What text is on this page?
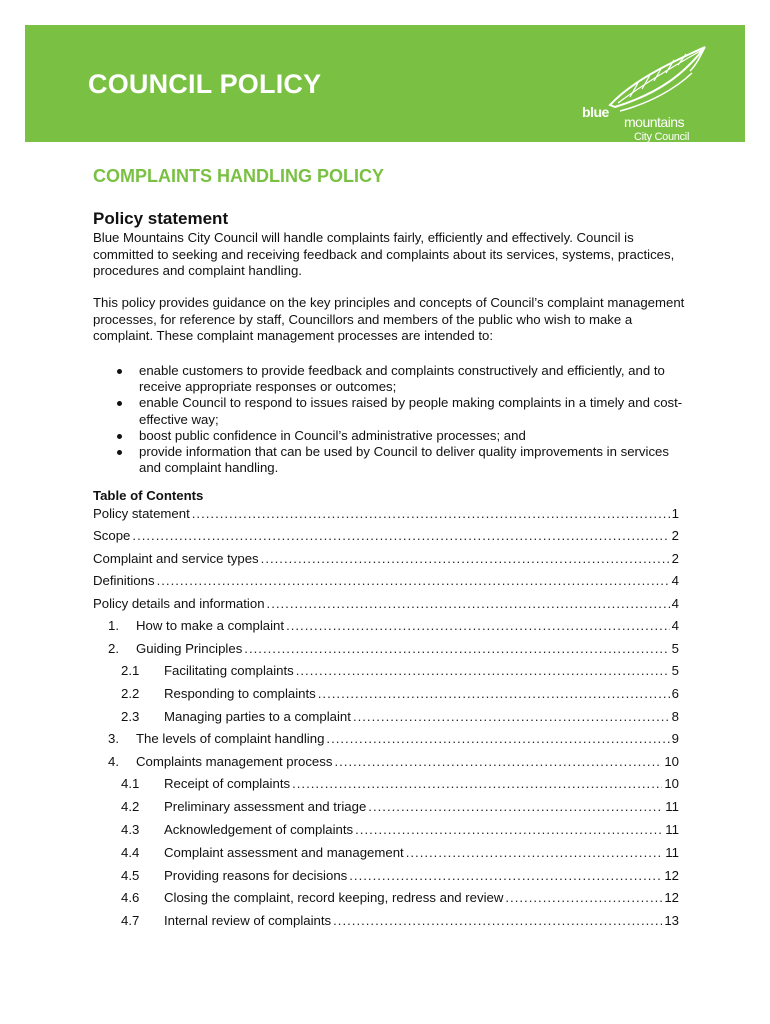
COUNCIL POLICY
blue
mountains
City Council
COMPLAINTS HANDLING POLICY
Policy statement
Blue Mountains City Council will handle complaints fairly, efficiently and effectively. Council is committed to seeking and receiving feedback and complaints about its services, systems, practices, procedures and complaint handling.
This policy provides guidance on the key principles and concepts of Council’s complaint management processes, for reference by staff, Councillors and members of the public who wish to make a complaint. These complaint management processes are intended to:
enable customers to provide feedback and complaints constructively and efficiently, and to receive appropriate responses or outcomes;
enable Council to respond to issues raised by people making complaints in a timely and cost-effective way;
boost public confidence in Council’s administrative processes; and
provide information that can be used by Council to deliver quality improvements in services and complaint handling.
Table of Contents
Policy statement .....	1
Scope .....	2
Complaint and service types .....	2
Definitions .....	4
Policy details and information .....	4
1.	How to make a complaint .....	4
2.	Guiding Principles .....	5
2.1	Facilitating complaints .....	5
2.2	Responding to complaints .....	6
2.3	Managing parties to a complaint .....	8
3.	The levels of complaint handling .....	9
4.	Complaints management process .....	10
4.1	Receipt of complaints .....	10
4.2	Preliminary assessment and triage .....	11
4.3	Acknowledgement of complaints .....	11
4.4	Complaint assessment and management .....	11
4.5	Providing reasons for decisions .....	12
4.6	Closing the complaint, record keeping, redress and review .....	12
4.7	Internal review of complaints .....	13
